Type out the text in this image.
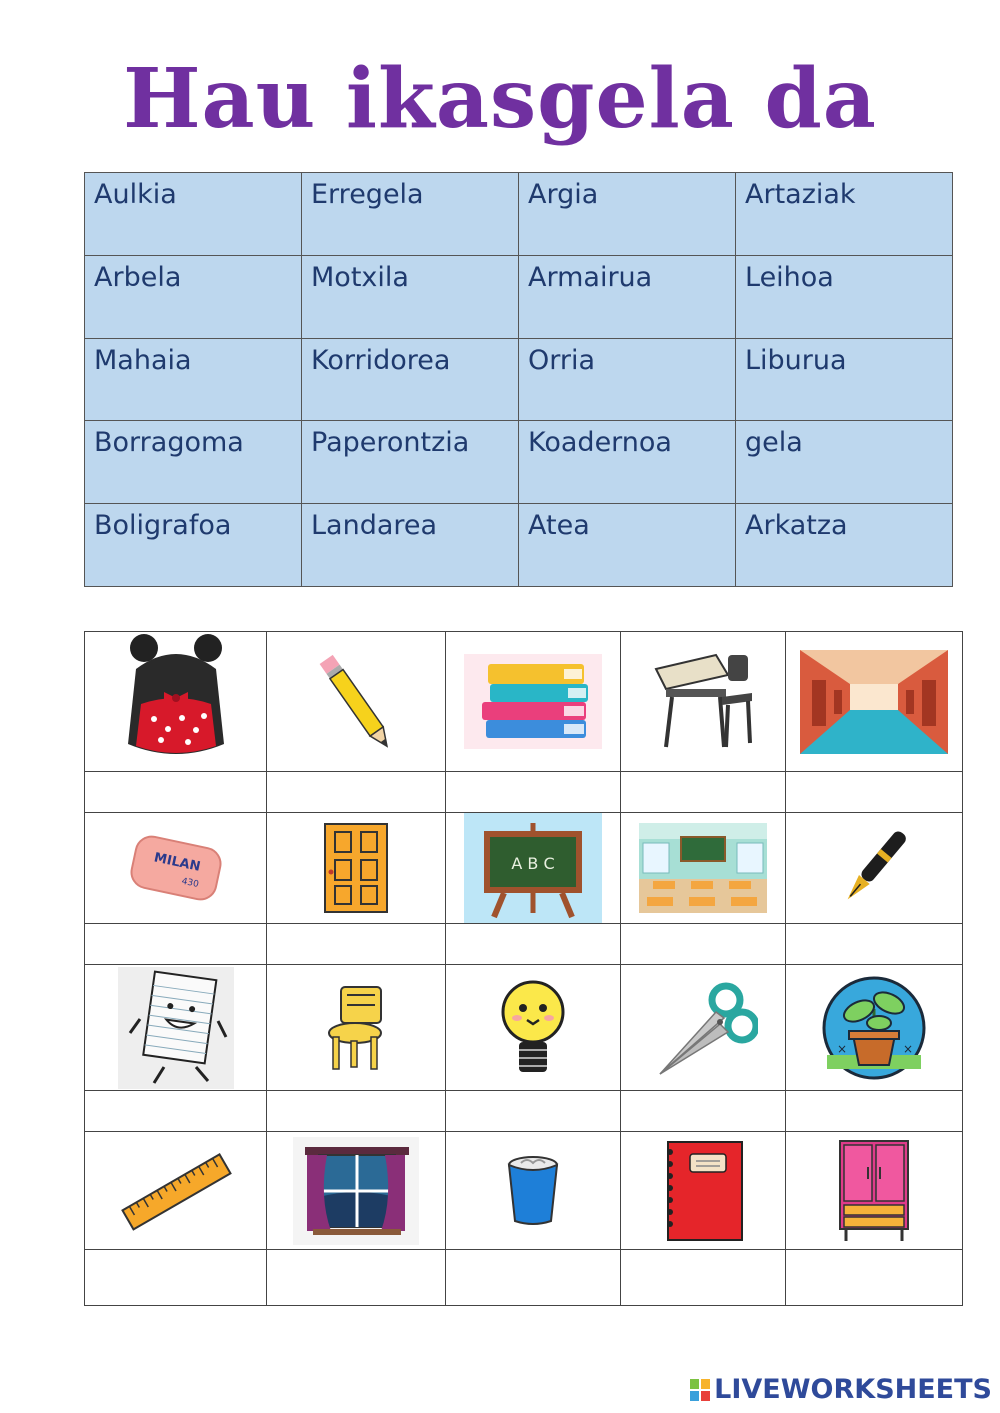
Hau ikasgela da
Aulkia	Erregela	Argia	Artaziak
Arbela	Motxila	Armairua	Leihoa
Mahaia	Korridorea	Orria	Liburua
Borragoma	Paperontzia	Koadernoa	gela
Boligrafoa	Landarea	Atea	Arkatza

MILAN
430		A B C

× ×

LIVEWORKSHEETS
